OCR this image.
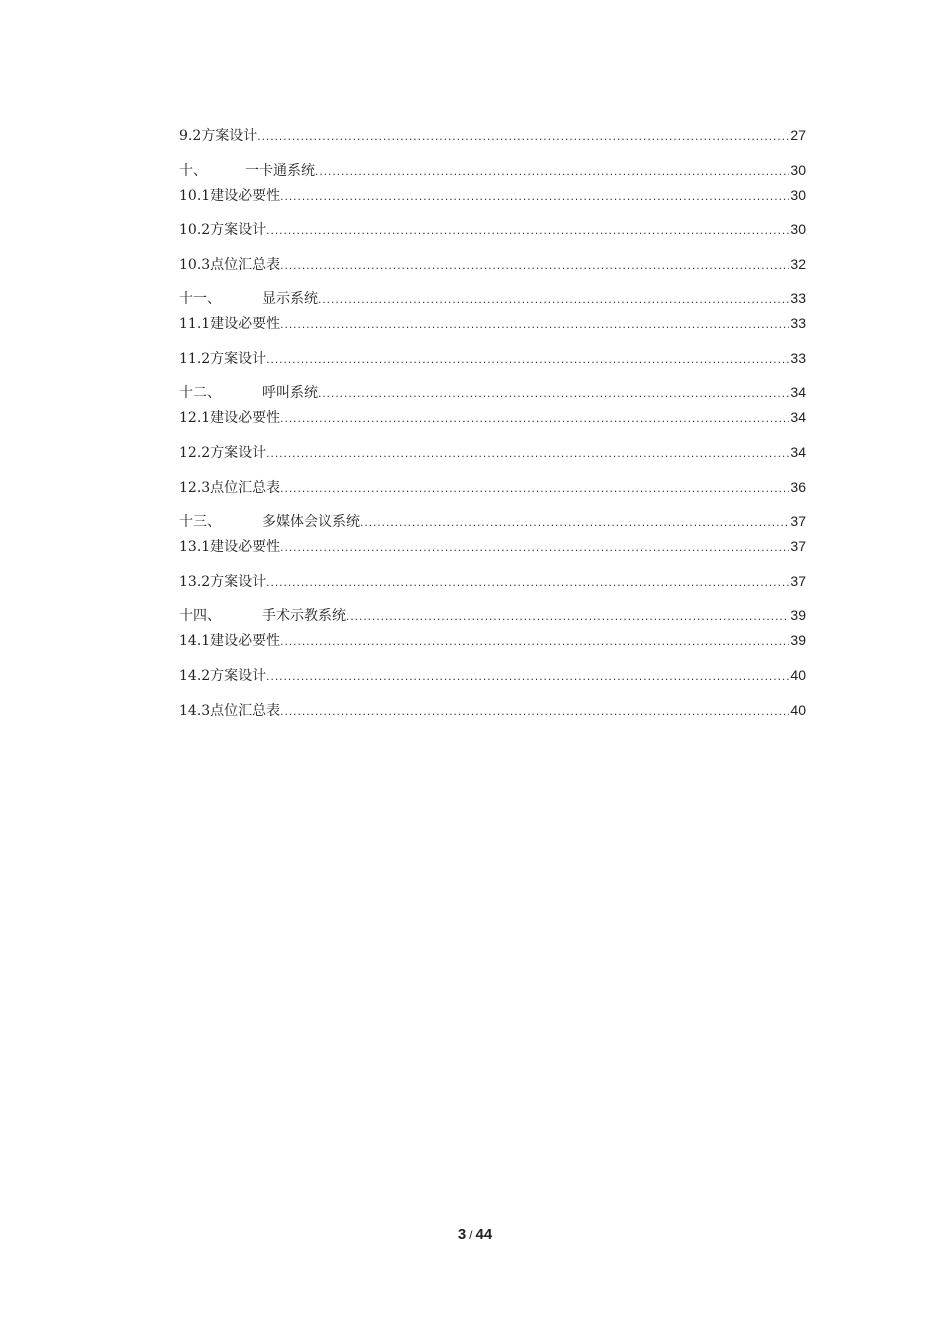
9.2方案设计 .....	27
十、	一卡通系统 .....	30
10.1建设必要性 .....	30
10.2方案设计 .....	30
10.3点位汇总表 .....	32
十一、	显示系统 .....	33
11.1建设必要性 .....	33
11.2方案设计 .....	33
十二、	呼叫系统 .....	34
12.1建设必要性 .....	34
12.2方案设计 .....	34
12.3点位汇总表 .....	36
十三、	多媒体会议系统 .....	37
13.1建设必要性 .....	37
13.2方案设计 .....	37
十四、	手术示教系统 .....	39
14.1建设必要性 .....	39
14.2方案设计 .....	40
14.3点位汇总表 .....	40
3 / 44
